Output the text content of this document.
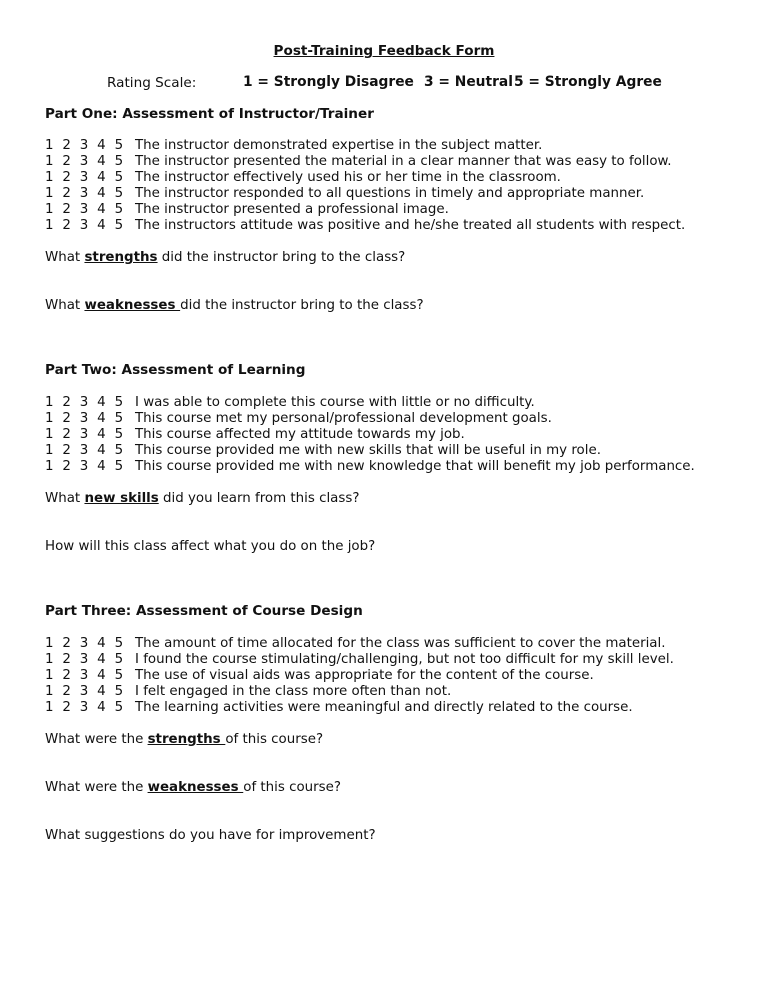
Post-Training Feedback Form
Rating Scale:	1 = Strongly Disagree 3 = Neutral 5 = Strongly Agree
Part One: Assessment of Instructor/Trainer
1 2 3 4 5 The instructor demonstrated expertise in the subject matter.
1 2 3 4 5 The instructor presented the material in a clear manner that was easy to follow.
1 2 3 4 5 The instructor effectively used his or her time in the classroom.
1 2 3 4 5 The instructor responded to all questions in timely and appropriate manner.
1 2 3 4 5 The instructor presented a professional image.
1 2 3 4 5 The instructors attitude was positive and he/she treated all students with respect.
What strengths did the instructor bring to the class?
What weaknesses did the instructor bring to the class?
Part Two: Assessment of Learning
1 2 3 4 5 I was able to complete this course with little or no difficulty.
1 2 3 4 5 This course met my personal/professional development goals.
1 2 3 4 5 This course affected my attitude towards my job.
1 2 3 4 5 This course provided me with new skills that will be useful in my role.
1 2 3 4 5 This course provided me with new knowledge that will benefit my job performance.
What new skills did you learn from this class?
How will this class affect what you do on the job?
Part Three: Assessment of Course Design
1 2 3 4 5 The amount of time allocated for the class was sufficient to cover the material.
1 2 3 4 5 I found the course stimulating/challenging, but not too difficult for my skill level.
1 2 3 4 5 The use of visual aids was appropriate for the content of the course.
1 2 3 4 5 I felt engaged in the class more often than not.
1 2 3 4 5 The learning activities were meaningful and directly related to the course.
What were the strengths of this course?
What were the weaknesses of this course?
What suggestions do you have for improvement?
